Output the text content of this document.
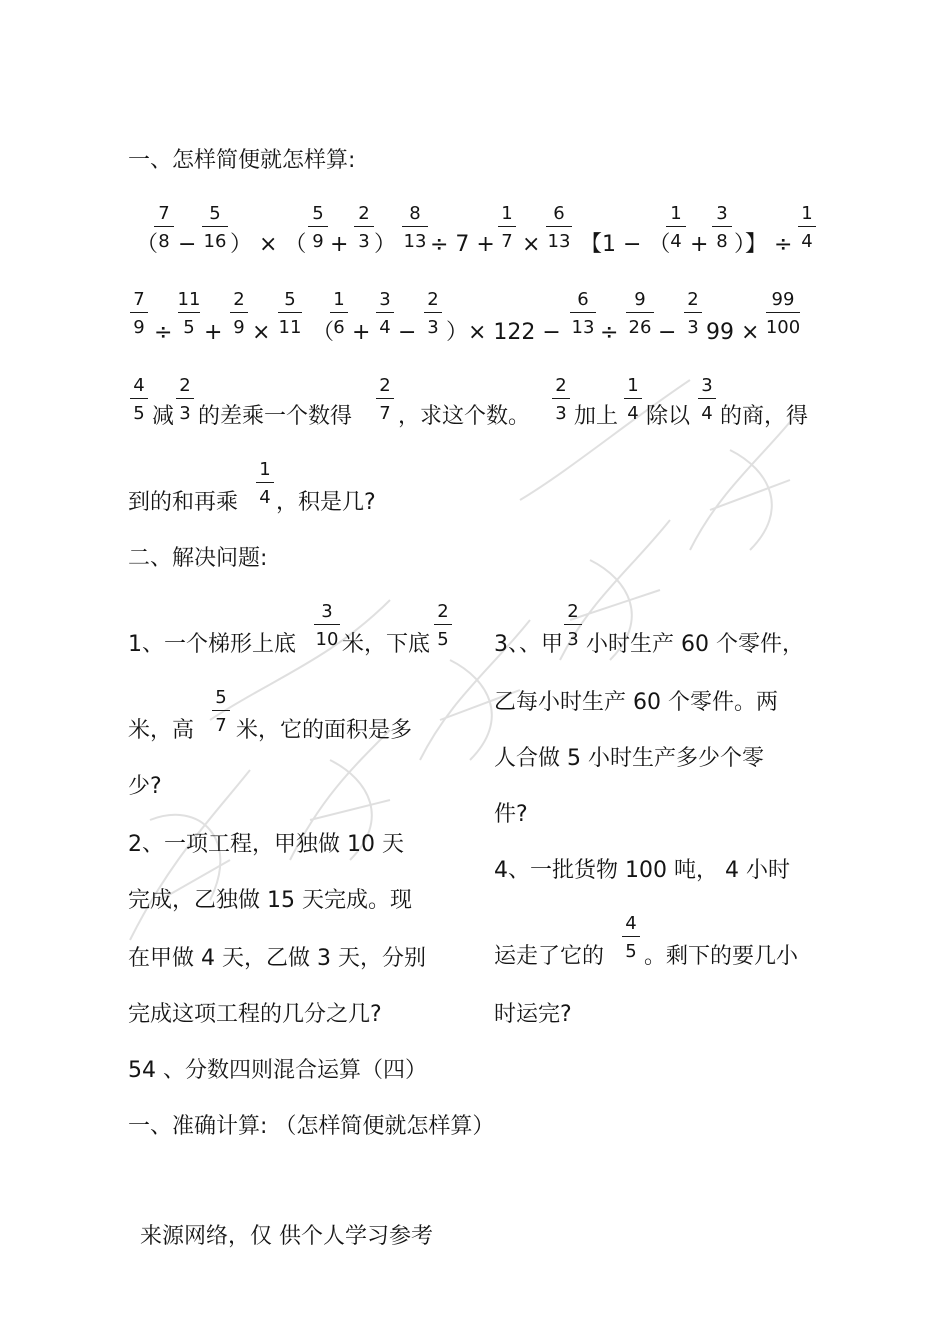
一、怎样简便就怎样算:
（
7
8 −
5
16 ） × （
5
9 +
2
3 ）
8
13 ÷ 7 +
1
7 ×
6
13 【1 − （
1
4 +
3
8 ）】 ÷
1
4
7
9 ÷
11
5 +
2
9 ×
5
11 （
1
6 +
3
4 −
2
3 ）× 122 −
6
13 ÷
9
26 −
2
3 99 ×
99
100
4
5 减
2
3 的差乘一个数得
2
7 ，求这个数。
2
3 加上
1
4 除以
3
4 的商，得
到的和再乘
1
4 ，积是几?
二、解决问题:
1、一个梯形上底
3
10 米，下底
2
5
米，高
5
7 米，它的面积是多
少?
2、一项工程，甲独做 10 天
完成，乙独做 15 天完成。现
在甲做 4 天，乙做 3 天，分别
完成这项工程的几分之几?
3、、甲
2
3 小时生产 60 个零件，
乙每小时生产 60 个零件。两
人合做 5 小时生产多少个零
件?
4、一批货物 100 吨， 4 小时
运走了它的
4
5 。剩下的要几小
时运完?
54 、分数四则混合运算（四）
一、准确计算: （怎样简便就怎样算）
来源网络，仅 供个人学习参考
